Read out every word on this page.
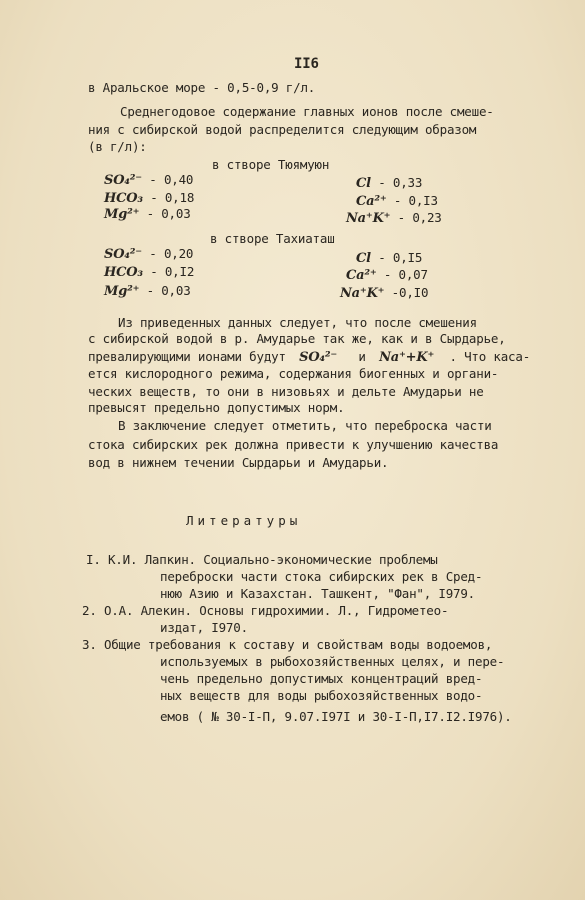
II6
в Аральское море - 0,5-0,9 г/л.
Среднегодовое содержание главных ионов после смеше-
ния с сибирской водой распределится следующим образом
(в г/л):
в створе Тюямуюн
SO₄²⁻ - 0,40
HCO₃ - 0,18
Mg²⁺ - 0,03
Cl - 0,33
Ca²⁺ - 0,I3
Na⁺K⁺ - 0,23
в створе Тахиаташ
SO₄²⁻ - 0,20
HCO₃ - 0,I2
Mg²⁺ - 0,03
Cl - 0,I5
Ca²⁺ - 0,07
Na⁺K⁺ -0,I0
Из приведенных данных следует, что после смешения
с сибирской водой в р. Амударье так же, как и в Сырдарье,
превалирующими ионами будут SO₄²⁻ и Na⁺+K⁺ . Что каса-
ется кислородного режима, содержания биогенных и органи-
ческих веществ, то они в низовьях и дельте Амударьи не
превысят предельно допустимых норм.
В заключение следует отметить, что переброска части
стока сибирских рек должна привести к улучшению качества
вод в нижнем течении Сырдарьи и Амударьи.
Литературы
I. К.И. Лапкин. Социально-экономические проблемы
переброски части стока сибирских рек в Сред-
нюю Азию и Казахстан. Ташкент, "Фан", I979.
2. О.А. Алекин. Основы гидрохимии. Л., Гидрометео-
издат, I970.
3. Общие требования к составу и свойствам воды водоемов,
используемых в рыбохозяйственных целях, и пере-
чень предельно допустимых концентраций вред-
ных веществ для воды рыбохозяйственных водо-
емов ( № 30-I-П, 9.07.I97I и 30-I-П,I7.I2.I976).
